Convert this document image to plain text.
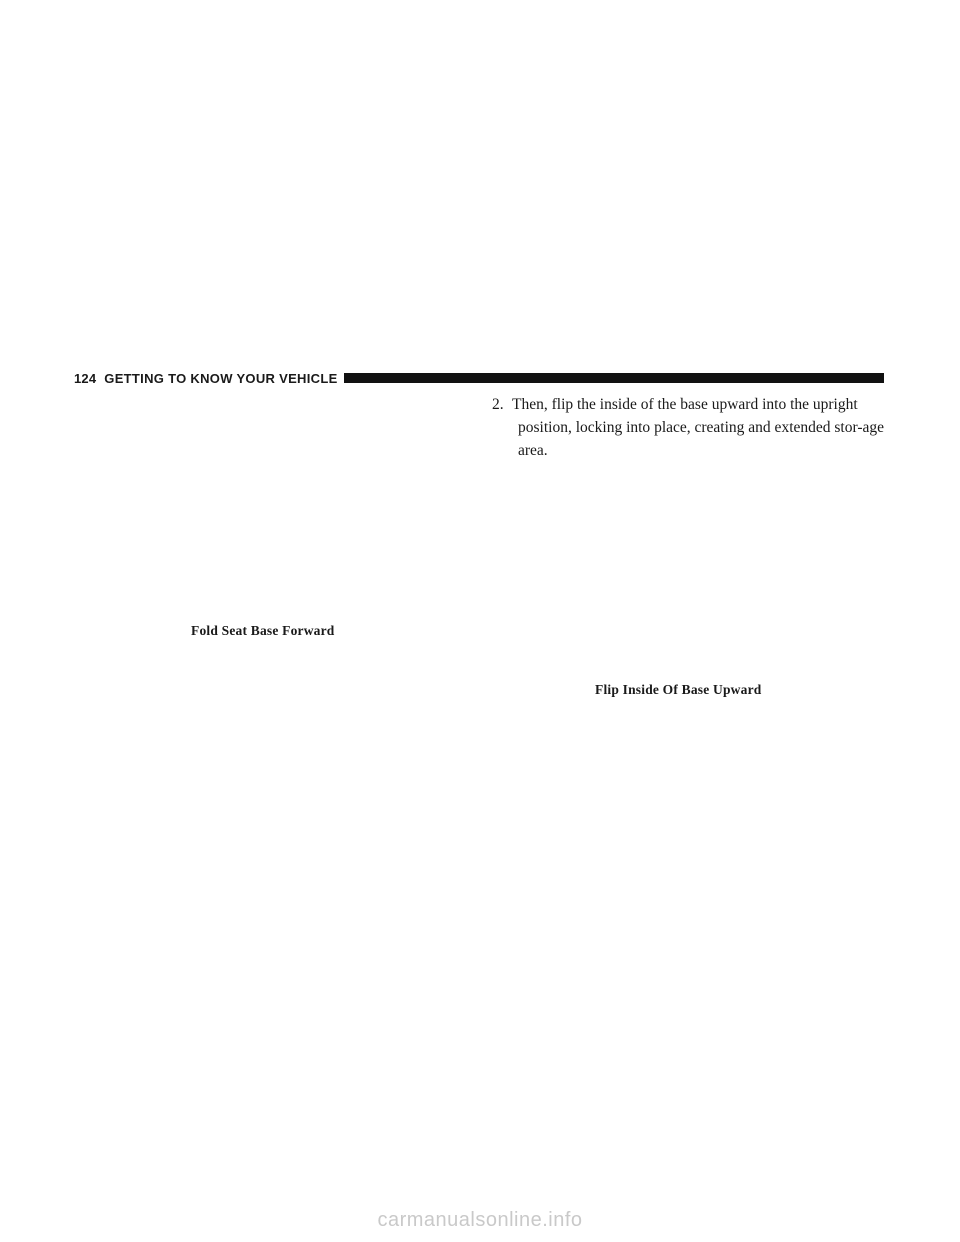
124 GETTING TO KNOW YOUR VEHICLE
2. Then, flip the inside of the base upward into the upright
position, locking into place, creating and extended stor-age area.
Fold Seat Base Forward
Flip Inside Of Base Upward
carmanualsonline.info
